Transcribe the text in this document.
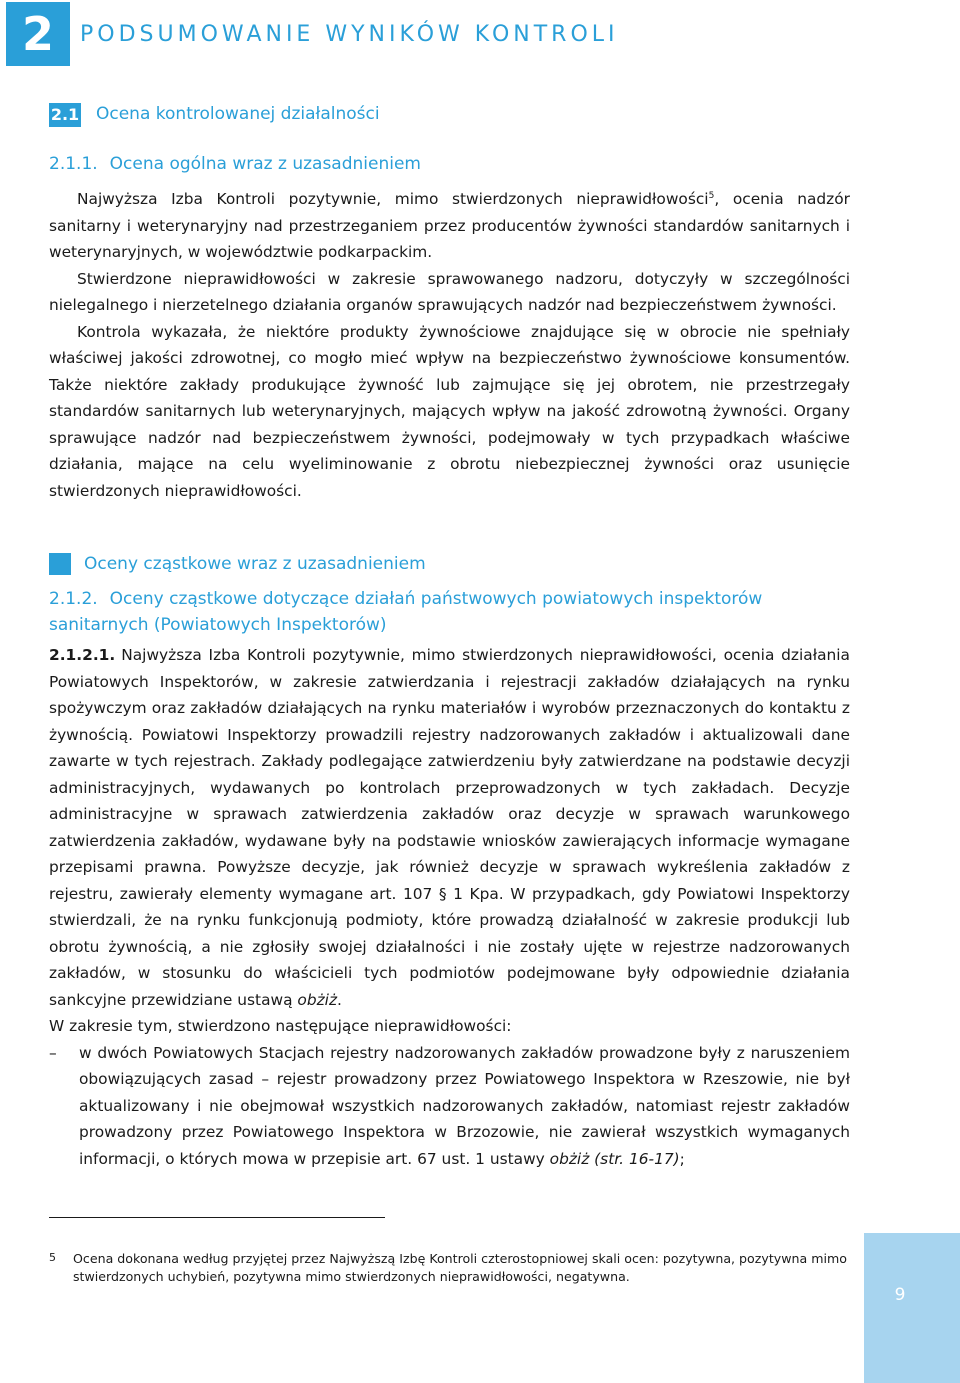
2	PODSUMOWANIE WYNIKÓW KONTROLI
2.1 Ocena kontrolowanej działalności
2.1.1. Ocena ogólna wraz z uzasadnieniem

Najwyższa Izba Kontroli pozytywnie, mimo stwierdzonych nieprawidłowości$^5$, ocenia nadzór sanitarny i weterynaryjny nad przestrzeganiem przez producentów żywności standardów sanitarnych i weterynaryjnych, w województwie podkarpackim.

Stwierdzone nieprawidłowości w zakresie sprawowanego nadzoru, dotyczyły w szczególności nielegalnego i nierzetelnego działania organów sprawujących nadzór nad bezpieczeństwem żywności.

Kontrola wykazała, że niektóre produkty żywnościowe znajdujące się w obrocie nie spełniały właściwej jakości zdrowotnej, co mogło mieć wpływ na bezpieczeństwo żywnościowe konsumentów. Także niektóre zakłady produkujące żywność lub zajmujące się jej obrotem, nie przestrzegały standardów sanitarnych lub weterynaryjnych, mających wpływ na jakość zdrowotną żywności. Organy sprawujące nadzór nad bezpieczeństwem żywności, podejmowały w tych przypadkach właściwe działania, mające na celu wyeliminowanie z obrotu niebezpiecznej żywności oraz usunięcie stwierdzonych nieprawidłowości.

Oceny cząstkowe wraz z uzasadnieniem
2.1.2. Oceny cząstkowe dotyczące działań państwowych powiatowych inspektorów sanitarnych (Powiatowych Inspektorów)

2.1.2.1. Najwyższa Izba Kontroli pozytywnie, mimo stwierdzonych nieprawidłowości, ocenia działania Powiatowych Inspektorów, w zakresie zatwierdzania i rejestracji zakładów działających na rynku spożywczym oraz zakładów działających na rynku materiałów i wyrobów przeznaczonych do kontaktu z żywnością. Powiatowi Inspektorzy prowadzili rejestry nadzorowanych zakładów i aktualizowali dane zawarte w tych rejestrach. Zakłady podlegające zatwierdzeniu były zatwierdzane na podstawie decyzji administracyjnych, wydawanych po kontrolach przeprowadzonych w tych zakładach. Decyzje administracyjne w sprawach zatwierdzenia zakładów oraz decyzje w sprawach warunkowego zatwierdzenia zakładów, wydawane były na podstawie wniosków zawierających informacje wymagane przepisami prawna. Powyższe decyzje, jak również decyzje w sprawach wykreślenia zakładów z rejestru, zawierały elementy wymagane art. 107 § 1 Kpa. W przypadkach, gdy Powiatowi Inspektorzy stwierdzali, że na rynku funkcjonują podmioty, które prowadzą działalność w zakresie produkcji lub obrotu żywnością, a nie zgłosiły swojej działalności i nie zostały ujęte w rejestrze nadzorowanych zakładów, w stosunku do właścicieli tych podmiotów podejmowane były odpowiednie działania sankcyjne przewidziane ustawą obżiż.

W zakresie tym, stwierdzono następujące nieprawidłowości:

– w dwóch Powiatowych Stacjach rejestry nadzorowanych zakładów prowadzone były z naruszeniem obowiązujących zasad – rejestr prowadzony przez Powiatowego Inspektora w Rzeszowie, nie był aktualizowany i nie obejmował wszystkich nadzorowanych zakładów, natomiast rejestr zakładów prowadzony przez Powiatowego Inspektora w Brzozowie, nie zawierał wszystkich wymaganych informacji, o których mowa w przepisie art. 67 ust. 1 ustawy obżiż (str. 16-17);
5 Ocena dokonana według przyjętej przez Najwyższą Izbę Kontroli czterostopniowej skali ocen: pozytywna, pozytywna mimo stwierdzonych uchybień, pozytywna mimo stwierdzonych nieprawidłowości, negatywna.
9
